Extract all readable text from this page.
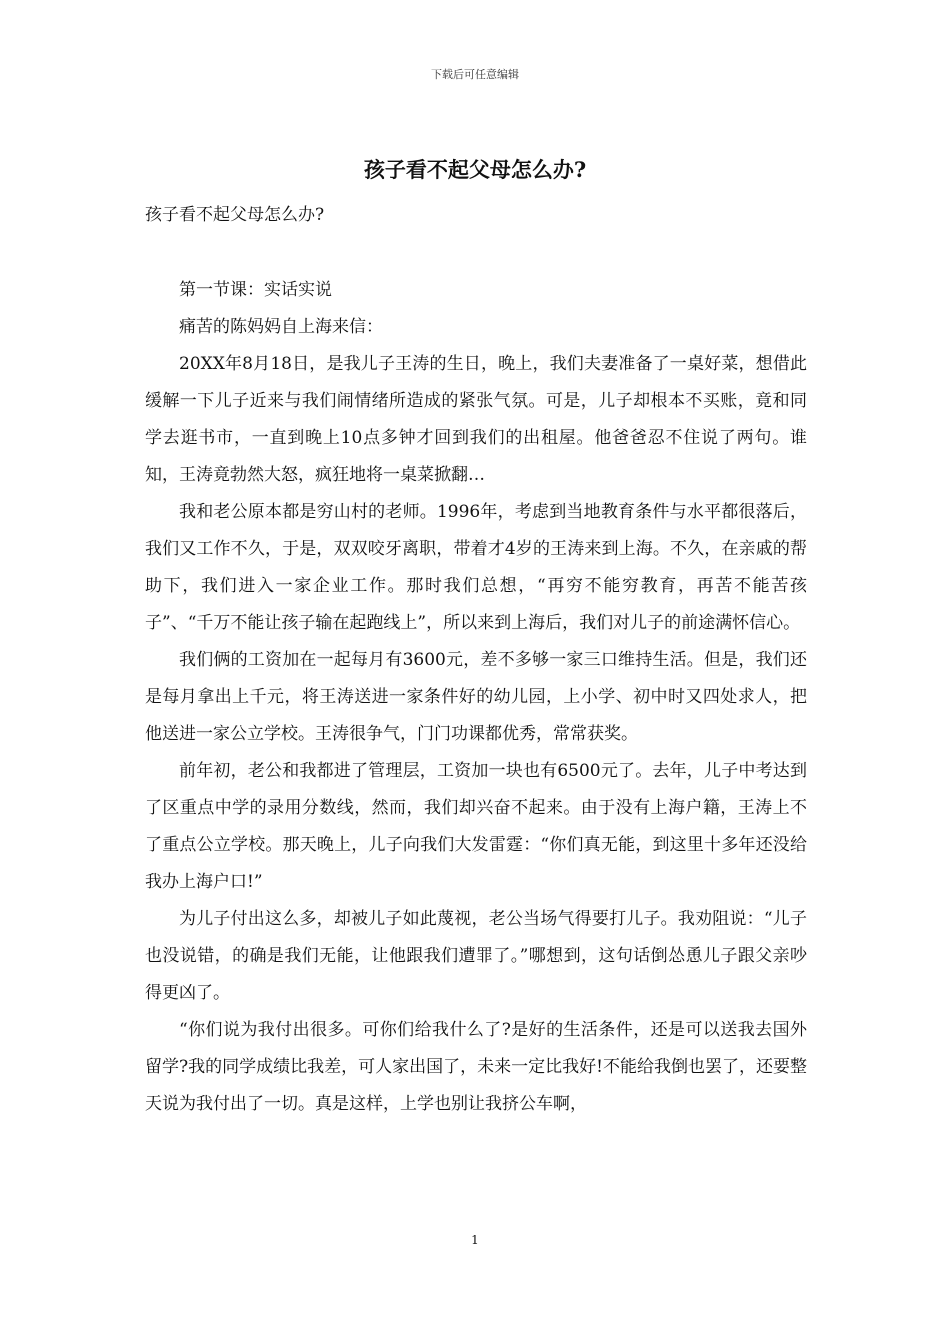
下载后可任意编辑
孩子看不起父母怎么办?

孩子看不起父母怎么办?

第一节课：实话实说

痛苦的陈妈妈自上海来信：

20XX年8月18日，是我儿子王涛的生日，晚上，我们夫妻准备了一桌好菜，想借此缓解一下儿子近来与我们闹情绪所造成的紧张气氛。可是，儿子却根本不买账，竟和同学去逛书市，一直到晚上10点多钟才回到我们的出租屋。他爸爸忍不住说了两句。谁知，王涛竟勃然大怒，疯狂地将一桌菜掀翻…

我和老公原本都是穷山村的老师。1996年，考虑到当地教育条件与水平都很落后，我们又工作不久，于是，双双咬牙离职，带着才4岁的王涛来到上海。不久，在亲戚的帮助下，我们进入一家企业工作。那时我们总想，“再穷不能穷教育，再苦不能苦孩子”、“千万不能让孩子输在起跑线上”，所以来到上海后，我们对儿子的前途满怀信心。

我们俩的工资加在一起每月有3600元，差不多够一家三口维持生活。但是，我们还是每月拿出上千元，将王涛送进一家条件好的幼儿园，上小学、初中时又四处求人，把他送进一家公立学校。王涛很争气，门门功课都优秀，常常获奖。

前年初，老公和我都进了管理层，工资加一块也有6500元了。去年，儿子中考达到了区重点中学的录用分数线，然而，我们却兴奋不起来。由于没有上海户籍，王涛上不了重点公立学校。那天晚上，儿子向我们大发雷霆：“你们真无能，到这里十多年还没给我办上海户口!”

为儿子付出这么多，却被儿子如此蔑视，老公当场气得要打儿子。我劝阻说：“儿子也没说错，的确是我们无能，让他跟我们遭罪了。”哪想到，这句话倒怂恿儿子跟父亲吵得更凶了。

“你们说为我付出很多。可你们给我什么了?是好的生活条件，还是可以送我去国外留学?我的同学成绩比我差，可人家出国了，未来一定比我好!不能给我倒也罢了，还要整天说为我付出了一切。真是这样，上学也别让我挤公车啊，

1
